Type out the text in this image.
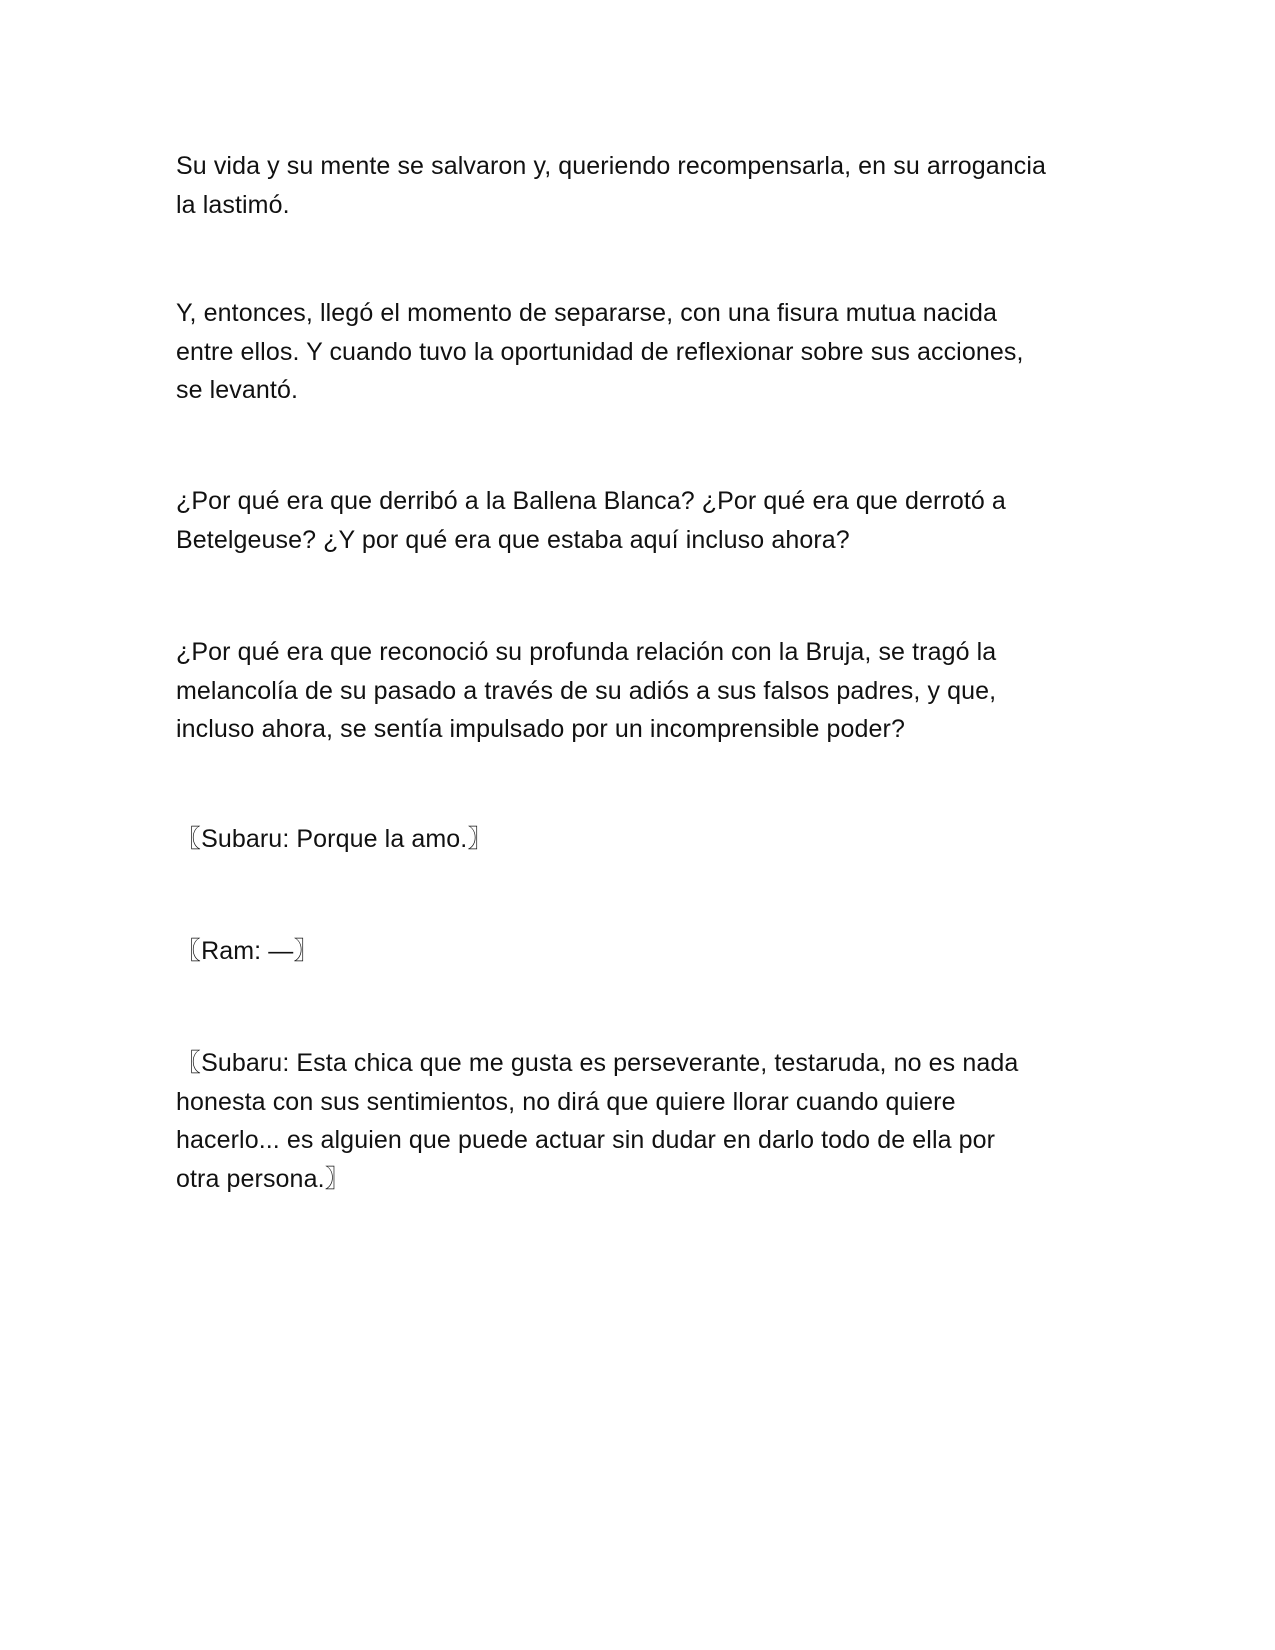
Su vida y su mente se salvaron y, queriendo recompensarla, en su arrogancia
la lastimó.

Y, entonces, llegó el momento de separarse, con una fisura mutua nacida
entre ellos. Y cuando tuvo la oportunidad de reflexionar sobre sus acciones,
se levantó.

¿Por qué era que derribó a la Ballena Blanca? ¿Por qué era que derrotó a
Betelgeuse? ¿Y por qué era que estaba aquí incluso ahora?

¿Por qué era que reconoció su profunda relación con la Bruja, se tragó la
melancolía de su pasado a través de su adiós a sus falsos padres, y que,
incluso ahora, se sentía impulsado por un incomprensible poder?

〖Subaru: Porque la amo.〗

〖Ram: —〗

〖Subaru: Esta chica que me gusta es perseverante, testaruda, no es nada
honesta con sus sentimientos, no dirá que quiere llorar cuando quiere
hacerlo... es alguien que puede actuar sin dudar en darlo todo de ella por
otra persona.〗
